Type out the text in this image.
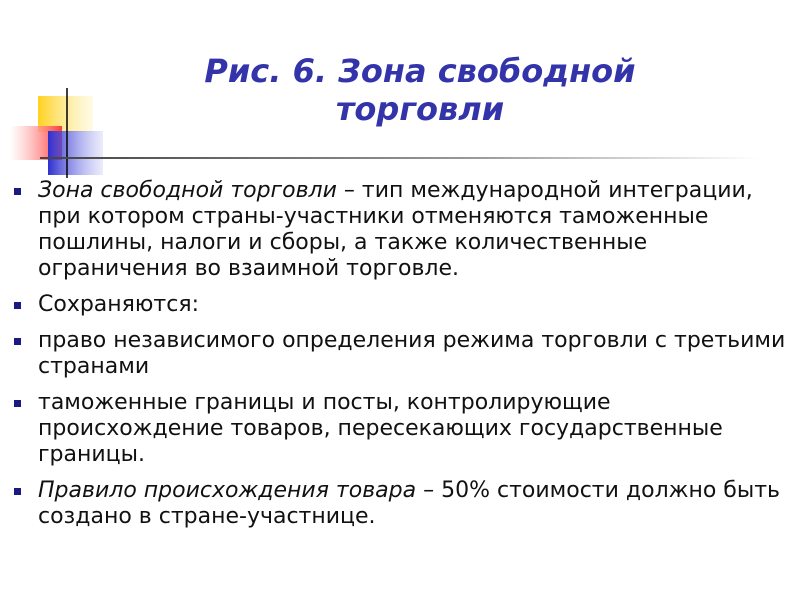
Рис. 6. Зона свободной торговли
Зона свободной торговли – тип международной интеграции, при котором страны-участники отменяются таможенные пошлины, налоги и сборы, а также количественные ограничения во взаимной торговле.
Сохраняются:
право независимого определения режима торговли с третьими странами
таможенные границы и посты, контролирующие происхождение товаров, пересекающих государственные границы.
Правило происхождения товара – 50% стоимости должно быть создано в стране-участнице.
